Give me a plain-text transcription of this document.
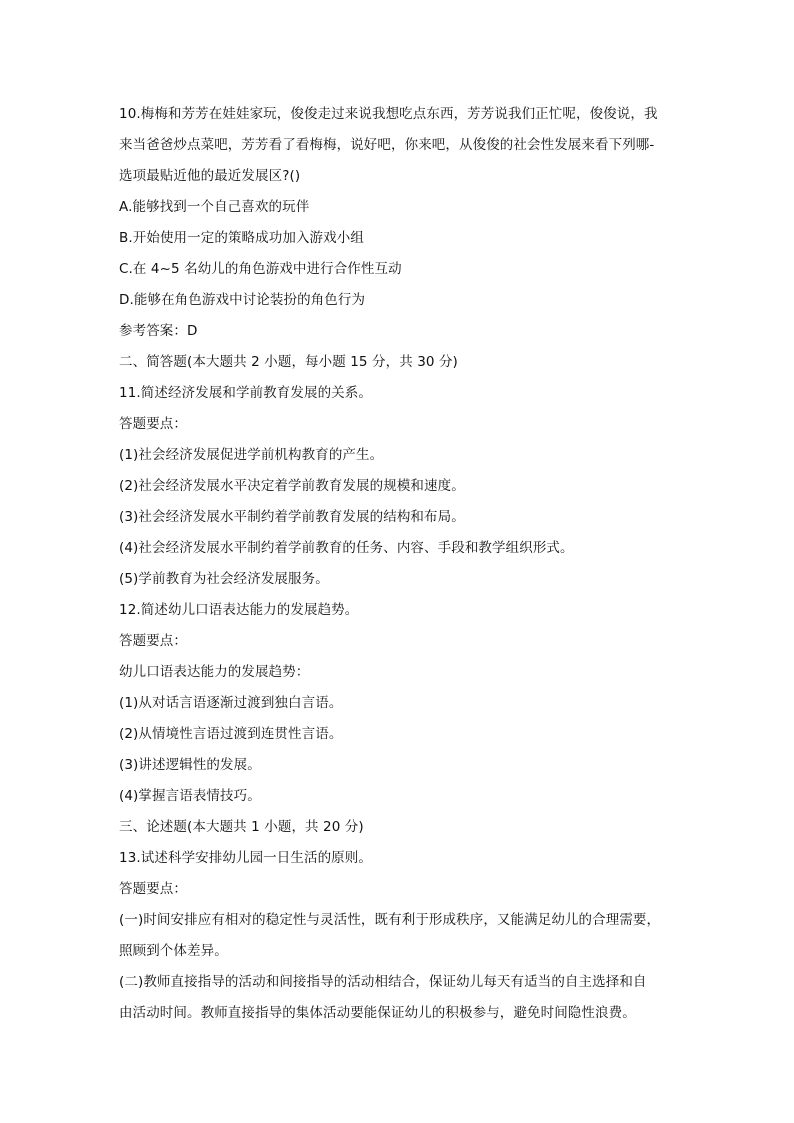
10.梅梅和芳芳在娃娃家玩，俊俊走过来说我想吃点东西，芳芳说我们正忙呢，俊俊说，我
来当爸爸炒点菜吧，芳芳看了看梅梅，说好吧，你来吧，从俊俊的社会性发展来看下列哪-
选项最贴近他的最近发展区?()
A.能够找到一个自己喜欢的玩伴
B.开始使用一定的策略成功加入游戏小组
C.在 4~5 名幼儿的角色游戏中进行合作性互动
D.能够在角色游戏中讨论装扮的角色行为
参考答案：D
二、简答题(本大题共 2 小题，每小题 15 分，共 30 分)
11.简述经济发展和学前教育发展的关系。
答题要点：
(1)社会经济发展促进学前机构教育的产生。
(2)社会经济发展水平决定着学前教育发展的规模和速度。
(3)社会经济发展水平制约着学前教育发展的结构和布局。
(4)社会经济发展水平制约着学前教育的任务、内容、手段和教学组织形式。
(5)学前教育为社会经济发展服务。
12.简述幼儿口语表达能力的发展趋势。
答题要点：
幼儿口语表达能力的发展趋势：
(1)从对话言语逐渐过渡到独白言语。
(2)从情境性言语过渡到连贯性言语。
(3)讲述逻辑性的发展。
(4)掌握言语表情技巧。
三、论述题(本大题共 1 小题，共 20 分)
13.试述科学安排幼儿园一日生活的原则。
答题要点：
(一)时间安排应有相对的稳定性与灵活性，既有利于形成秩序，又能满足幼儿的合理需要，
照顾到个体差异。
(二)教师直接指导的活动和间接指导的活动相结合，保证幼儿每天有适当的自主选择和自
由活动时间。教师直接指导的集体活动要能保证幼儿的积极参与，避免时间隐性浪费。
